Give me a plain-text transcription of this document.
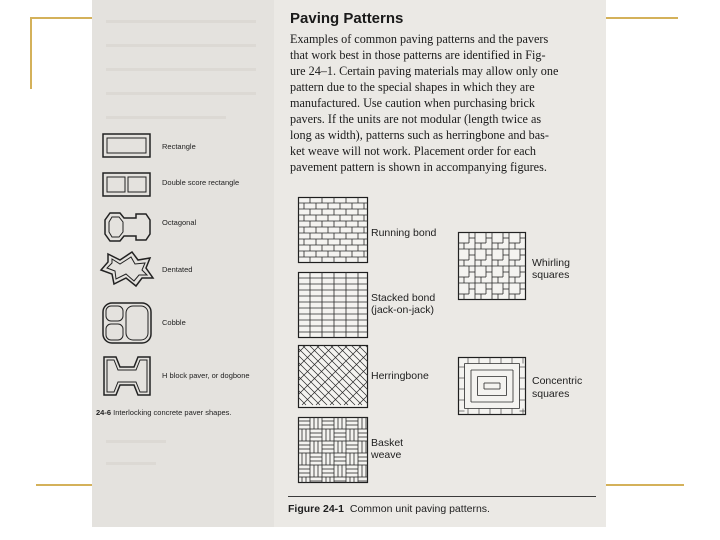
Paving Patterns
Examples of common paving patterns and the pavers
that work best in those patterns are identified in Fig-
ure 24–1. Certain paving materials may allow only one
pattern due to the special shapes in which they are
manufactured. Use caution when purchasing brick
pavers. If the units are not modular (length twice as
long as width), patterns such as herringbone and bas-
ket weave will not work. Placement order for each
pavement pattern is shown in accompanying figures.
Rectangle
Double score rectangle
Octagonal
Dentated
Cobble
H block paver, or dogbone
24-6 Interlocking concrete paver shapes.
Running bond
Stacked bond
(jack-on-jack)
Herringbone
Basket
weave
Whirling
squares
Concentric
squares
Figure 24-1 Common unit paving patterns.
